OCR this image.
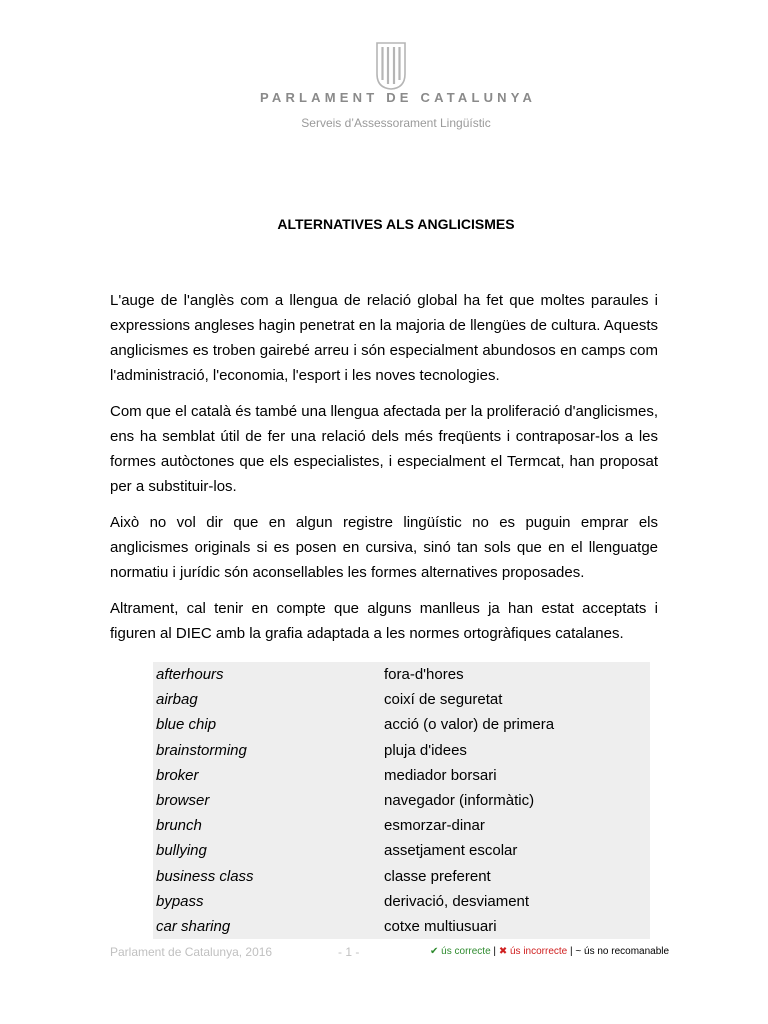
PARLAMENT DE CATALUNYA
Serveis d’Assessorament Lingüístic
ALTERNATIVES ALS ANGLICISMES

L'auge de l'anglès com a llengua de relació global ha fet que moltes paraules i expressions angleses hagin penetrat en la majoria de llengües de cultura. Aquests anglicismes es troben gairebé arreu i són especialment abundosos en camps com l'administració, l'economia, l'esport i les noves tecnologies.

Com que el català és també una llengua afectada per la proliferació d'anglicismes, ens ha semblat útil de fer una relació dels més freqüents i contraposar-los a les formes autòctones que els especialistes, i especialment el Termcat, han proposat per a substituir-los.

Això no vol dir que en algun registre lingüístic no es puguin emprar els anglicismes originals si es posen en cursiva, sinó tan sols que en el llenguatge normatiu i jurídic són aconsellables les formes alternatives proposades.

Altrament, cal tenir en compte que alguns manlleus ja han estat acceptats i figuren al DIEC amb la grafia adaptada a les normes ortogràfiques catalanes.

afterhours	fora-d'hores
airbag	coixí de seguretat
blue chip	acció (o valor) de primera
brainstorming	pluja d'idees
broker	mediador borsari
browser	navegador (informàtic)
brunch	esmorzar-dinar
bullying	assetjament escolar
business class	classe preferent
bypass	derivació, desviament
car sharing	cotxe multiusuari
Parlament de Catalunya, 2016	- 1 -	✔ ús correcte | ✖ ús incorrecte | ~ ús no recomanable
